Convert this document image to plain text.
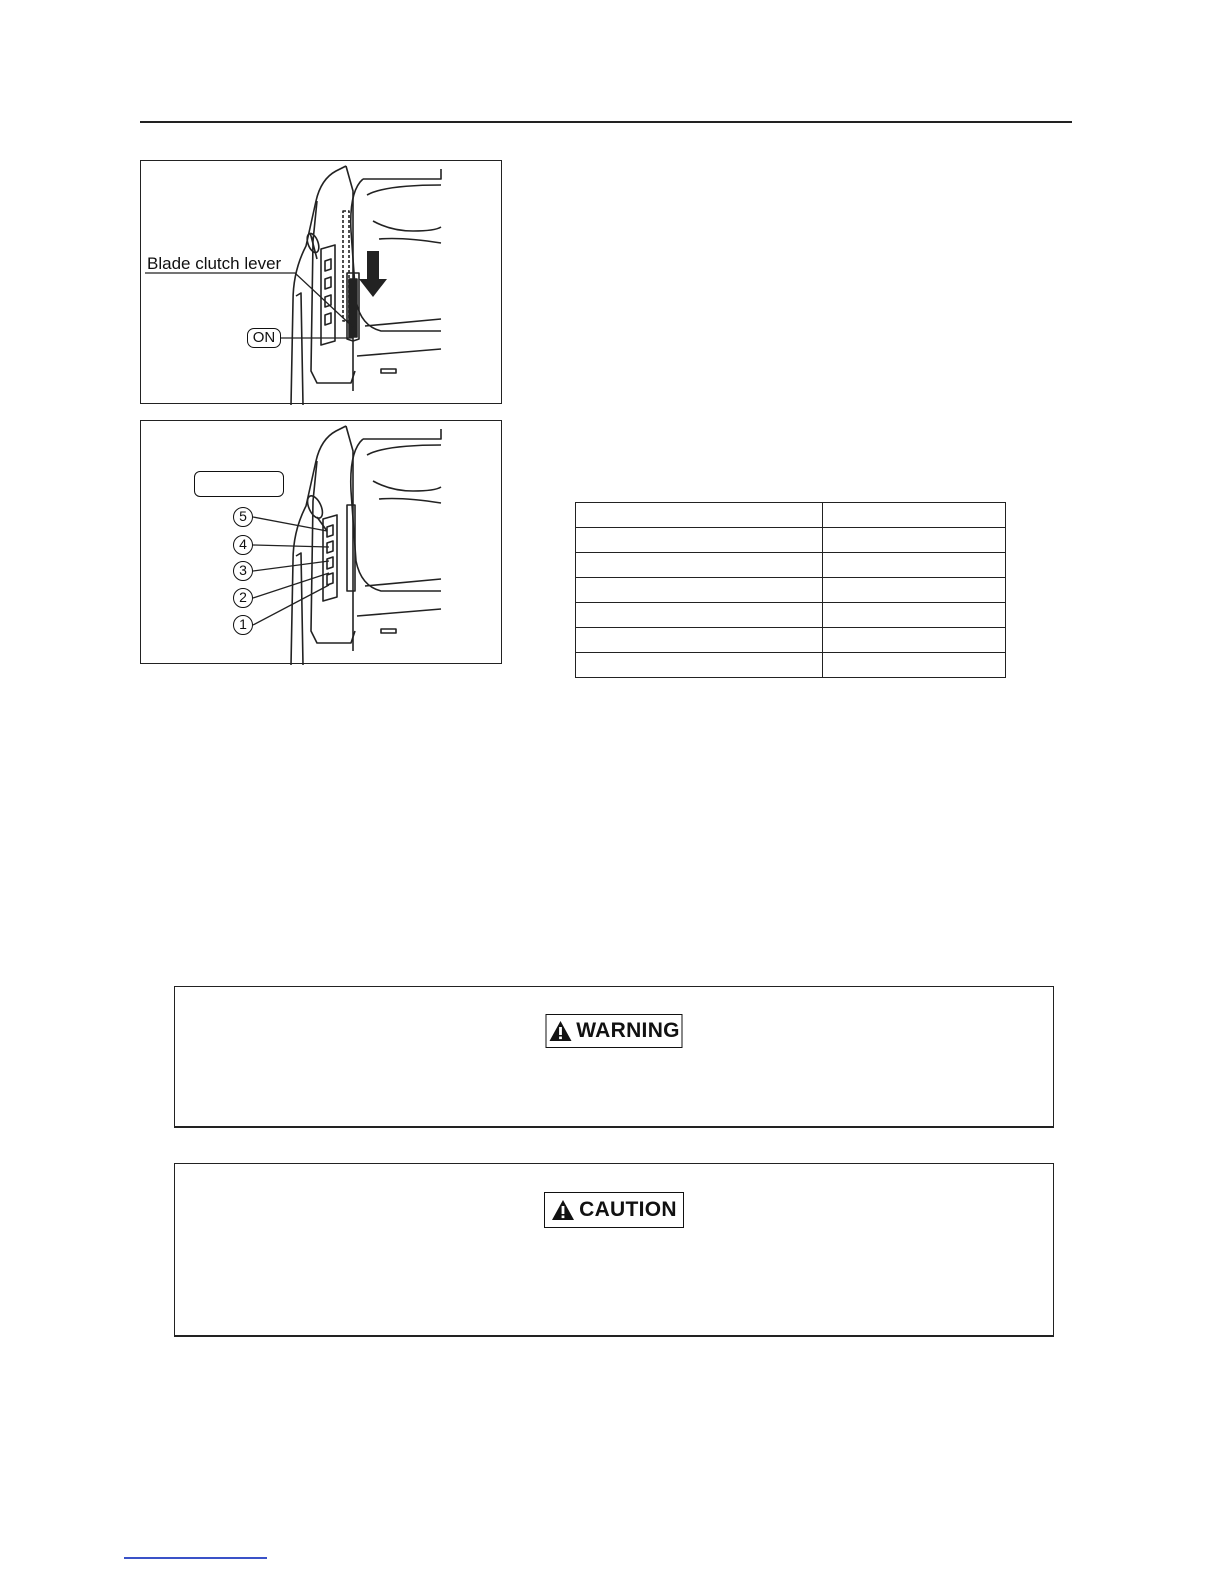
Blade clutch lever
ON
5
4
3
2
1

WARNING
CAUTION
